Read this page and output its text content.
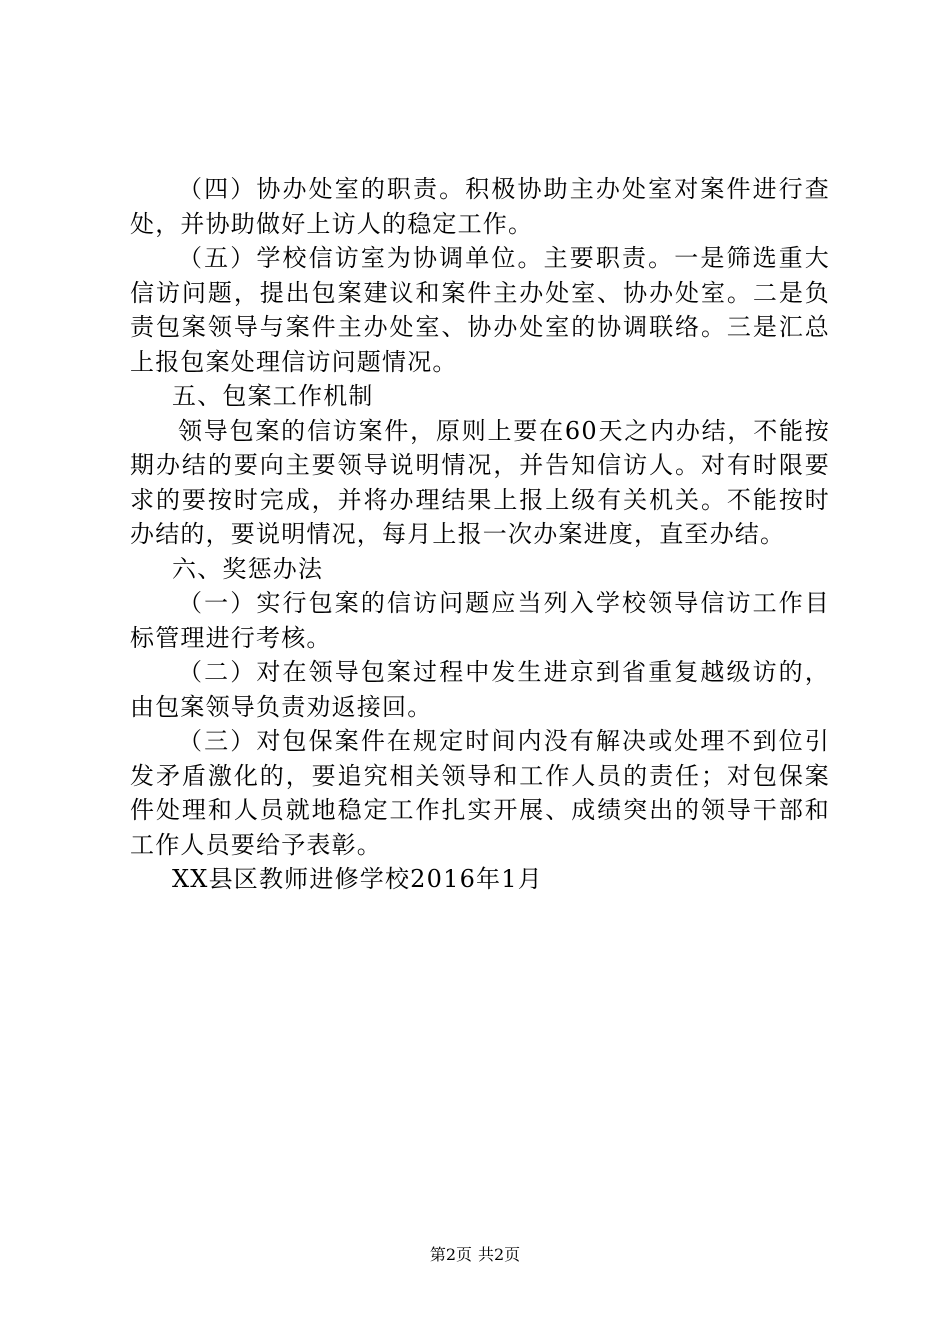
（四）协办处室的职责。积极协助主办处室对案件进行查处，并协助做好上访人的稳定工作。

（五）学校信访室为协调单位。主要职责。一是筛选重大信访问题，提出包案建议和案件主办处室、协办处室。二是负责包案领导与案件主办处室、协办处室的协调联络。三是汇总上报包案处理信访问题情况。

五、包案工作机制

领导包案的信访案件，原则上要在60天之内办结，不能按期办结的要向主要领导说明情况，并告知信访人。对有时限要求的要按时完成，并将办理结果上报上级有关机关。不能按时办结的，要说明情况，每月上报一次办案进度，直至办结。

六、奖惩办法

（一）实行包案的信访问题应当列入学校领导信访工作目标管理进行考核。

（二）对在领导包案过程中发生进京到省重复越级访的，由包案领导负责劝返接回。

（三）对包保案件在规定时间内没有解决或处理不到位引发矛盾激化的，要追究相关领导和工作人员的责任；对包保案件处理和人员就地稳定工作扎实开展、成绩突出的领导干部和工作人员要给予表彰。

XX县区教师进修学校2016年1月

第2页 共2页
